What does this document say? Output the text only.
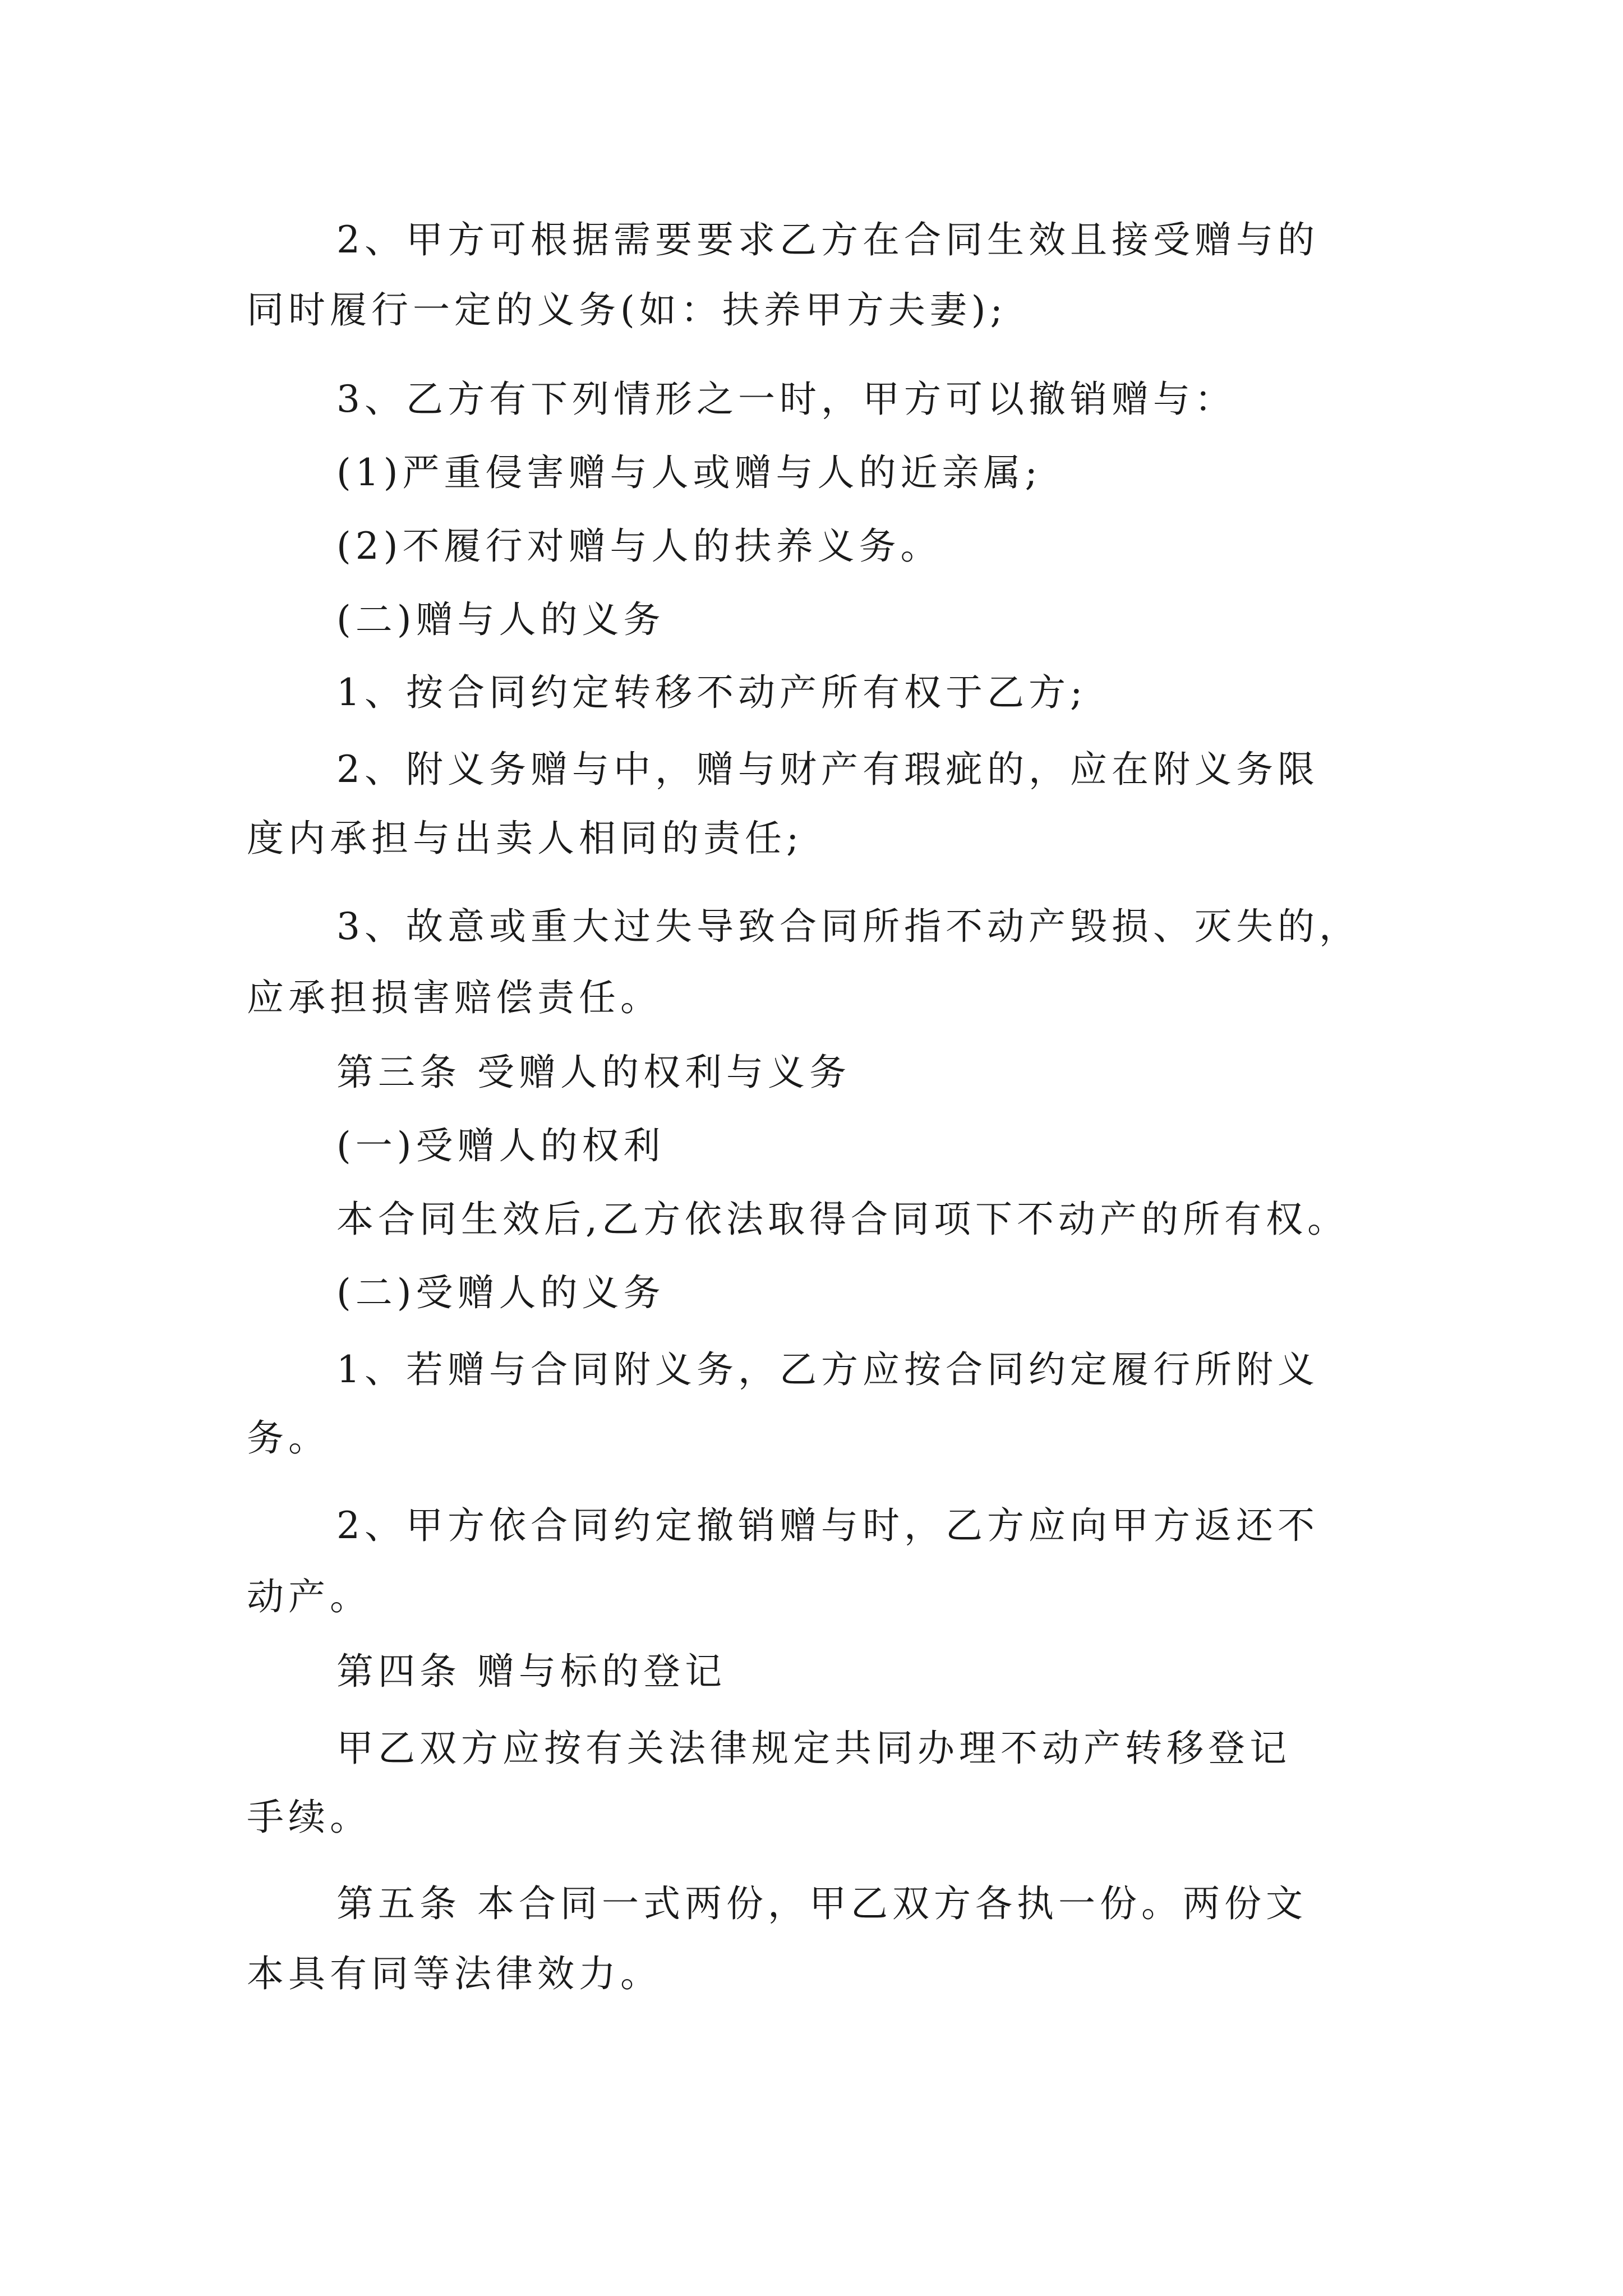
2、甲方可根据需要要求乙方在合同生效且接受赠与的
同时履行一定的义务(如：扶养甲方夫妻);
3、乙方有下列情形之一时，甲方可以撤销赠与：
(1)严重侵害赠与人或赠与人的近亲属;
(2)不履行对赠与人的扶养义务。
(二)赠与人的义务
1、按合同约定转移不动产所有权于乙方;
2、附义务赠与中，赠与财产有瑕疵的，应在附义务限
度内承担与出卖人相同的责任;
3、故意或重大过失导致合同所指不动产毁损、灭失的，
应承担损害赔偿责任。
第三条 受赠人的权利与义务
(一)受赠人的权利
本合同生效后,乙方依法取得合同项下不动产的所有权。
(二)受赠人的义务
1、若赠与合同附义务，乙方应按合同约定履行所附义
务。
2、甲方依合同约定撤销赠与时，乙方应向甲方返还不
动产。
第四条 赠与标的登记
甲乙双方应按有关法律规定共同办理不动产转移登记
手续。
第五条 本合同一式两份，甲乙双方各执一份。两份文
本具有同等法律效力。
